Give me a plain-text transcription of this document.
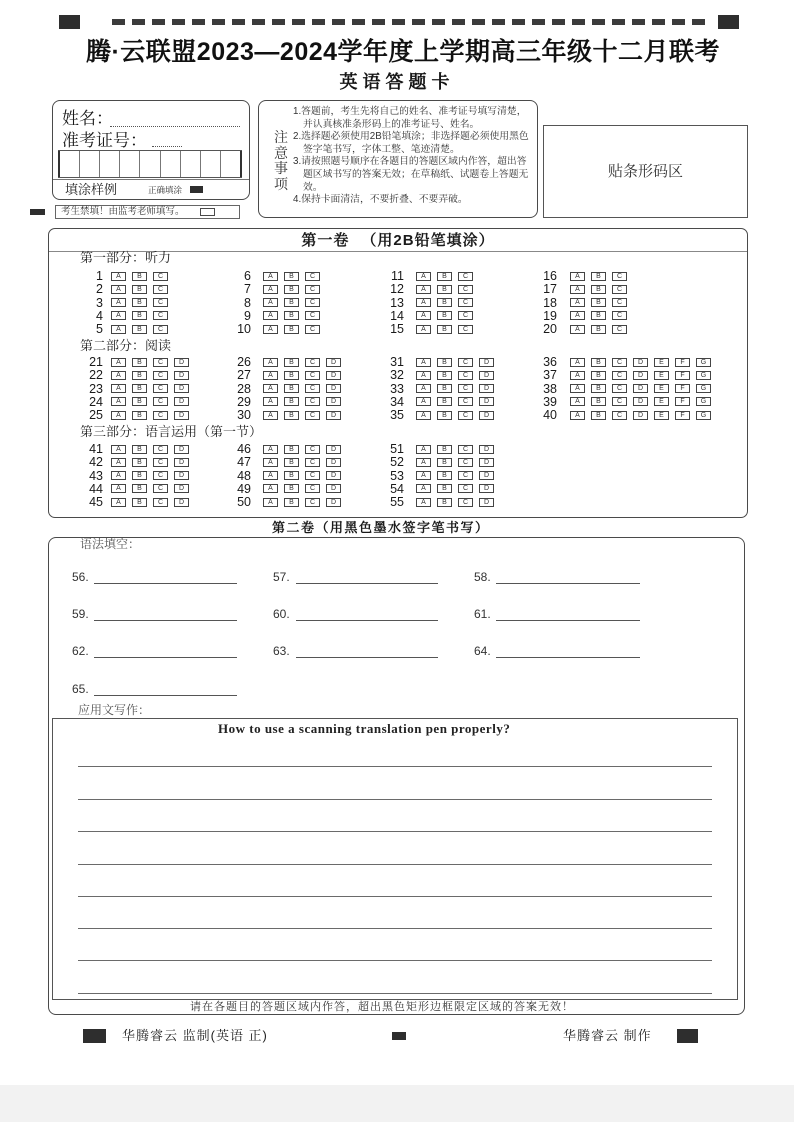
腾·云联盟2023—2024学年度上学期高三年级十二月联考
英语答题卡
姓名：
准考证号：
填涂样例	正确填涂
考生禁填！由监考老师填写。
注意事项
1.答题前，考生先将自己的姓名、准考证号填写清楚，并认真核准条形码上的准考证号、姓名。
2.选择题必须使用2B铅笔填涂；非选择题必须使用黑色签字笔书写，字体工整、笔迹清楚。
3.请按照题号顺序在各题目的答题区域内作答，超出答题区域书写的答案无效；在草稿纸、试题卷上答题无效。
4.保持卡面清洁，不要折叠、不要弄破。
贴条形码区
第一卷 （用2B铅笔填涂）
第二卷（用黑色墨水签字笔书写）
语法填空：
应用文写作：
How to use a scanning translation pen properly?
请在各题目的答题区域内作答，超出黑色矩形边框限定区域的答案无效！
华腾睿云 监制(英语 正)	华腾睿云 制作
第一部分：听力
1	A	B	C
2	A	B	C
3	A	B	C
4	A	B	C
5	A	B	C
6	A	B	C
7	A	B	C
8	A	B	C
9	A	B	C
10	A	B	C
11	A	B	C
12	A	B	C
13	A	B	C
14	A	B	C
15	A	B	C
16	A	B	C
17	A	B	C
18	A	B	C
19	A	B	C
20	A	B	C
第二部分：阅读
21	A	B	C	D
22	A	B	C	D
23	A	B	C	D
24	A	B	C	D
25	A	B	C	D
26	A	B	C	D
27	A	B	C	D
28	A	B	C	D
29	A	B	C	D
30	A	B	C	D
31	A	B	C	D
32	A	B	C	D
33	A	B	C	D
34	A	B	C	D
35	A	B	C	D
36	A	B	C	D	E	F	G
37	A	B	C	D	E	F	G
38	A	B	C	D	E	F	G
39	A	B	C	D	E	F	G
40	A	B	C	D	E	F	G
第三部分：语言运用（第一节）
41	A	B	C	D
42	A	B	C	D
43	A	B	C	D
44	A	B	C	D
45	A	B	C	D
46	A	B	C	D
47	A	B	C	D
48	A	B	C	D
49	A	B	C	D
50	A	B	C	D
51	A	B	C	D
52	A	B	C	D
53	A	B	C	D
54	A	B	C	D
55	A	B	C	D
56.	57.	58.
59.	60.	61.
62.	63.	64.
65.
